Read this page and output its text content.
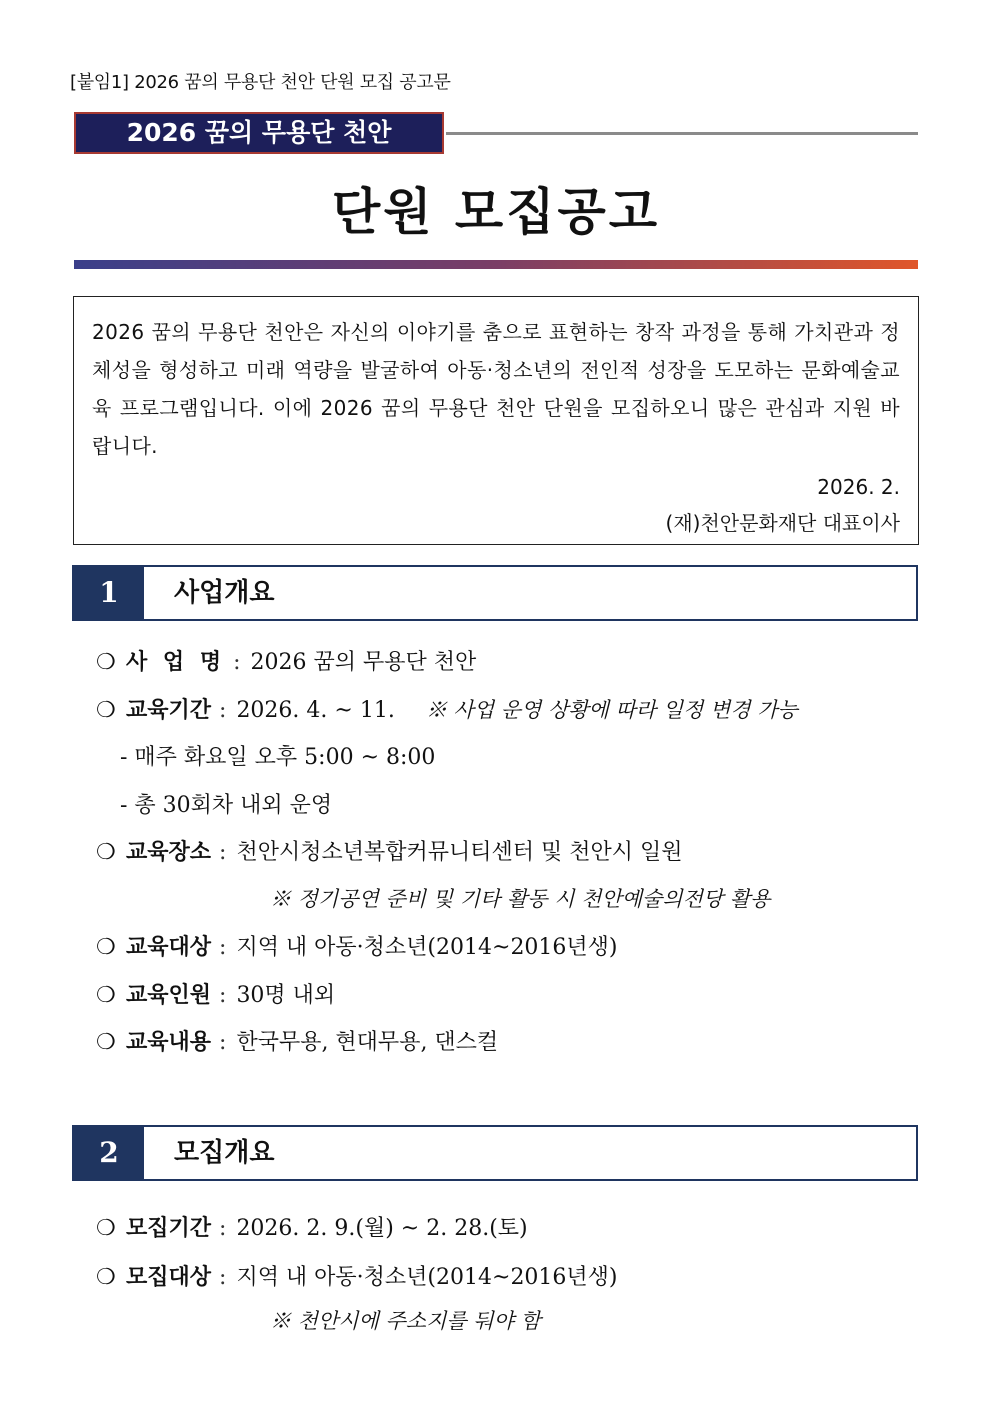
[붙임1] 2026 꿈의 무용단 천안 단원 모집 공고문
2026 꿈의 무용단 천안
단원 모집공고
2026 꿈의 무용단 천안은 자신의 이야기를 춤으로 표현하는 창작 과정을 통해 가치관과 정체성을 형성하고 미래 역량을 발굴하여 아동·청소년의 전인적 성장을 도모하는 문화예술교육 프로그램입니다. 이에 2026 꿈의 무용단 천안 단원을 모집하오니 많은 관심과 지원 바랍니다.
2026. 2.
(재)천안문화재단 대표이사
1	사업개요
❍ 사 업 명 : 2026 꿈의 무용단 천안
❍ 교육기간 : 2026. 4. ~ 11. ※ 사업 운영 상황에 따라 일정 변경 가능
- 매주 화요일 오후 5:00 ~ 8:00
- 총 30회차 내외 운영
❍ 교육장소 : 천안시청소년복합커뮤니티센터 및 천안시 일원
※ 정기공연 준비 및 기타 활동 시 천안예술의전당 활용
❍ 교육대상 : 지역 내 아동·청소년(2014~2016년생)
❍ 교육인원 : 30명 내외
❍ 교육내용 : 한국무용, 현대무용, 댄스컬
2	모집개요
❍ 모집기간 : 2026. 2. 9.(월) ~ 2. 28.(토)
❍ 모집대상 : 지역 내 아동·청소년(2014~2016년생)
※ 천안시에 주소지를 둬야 함
